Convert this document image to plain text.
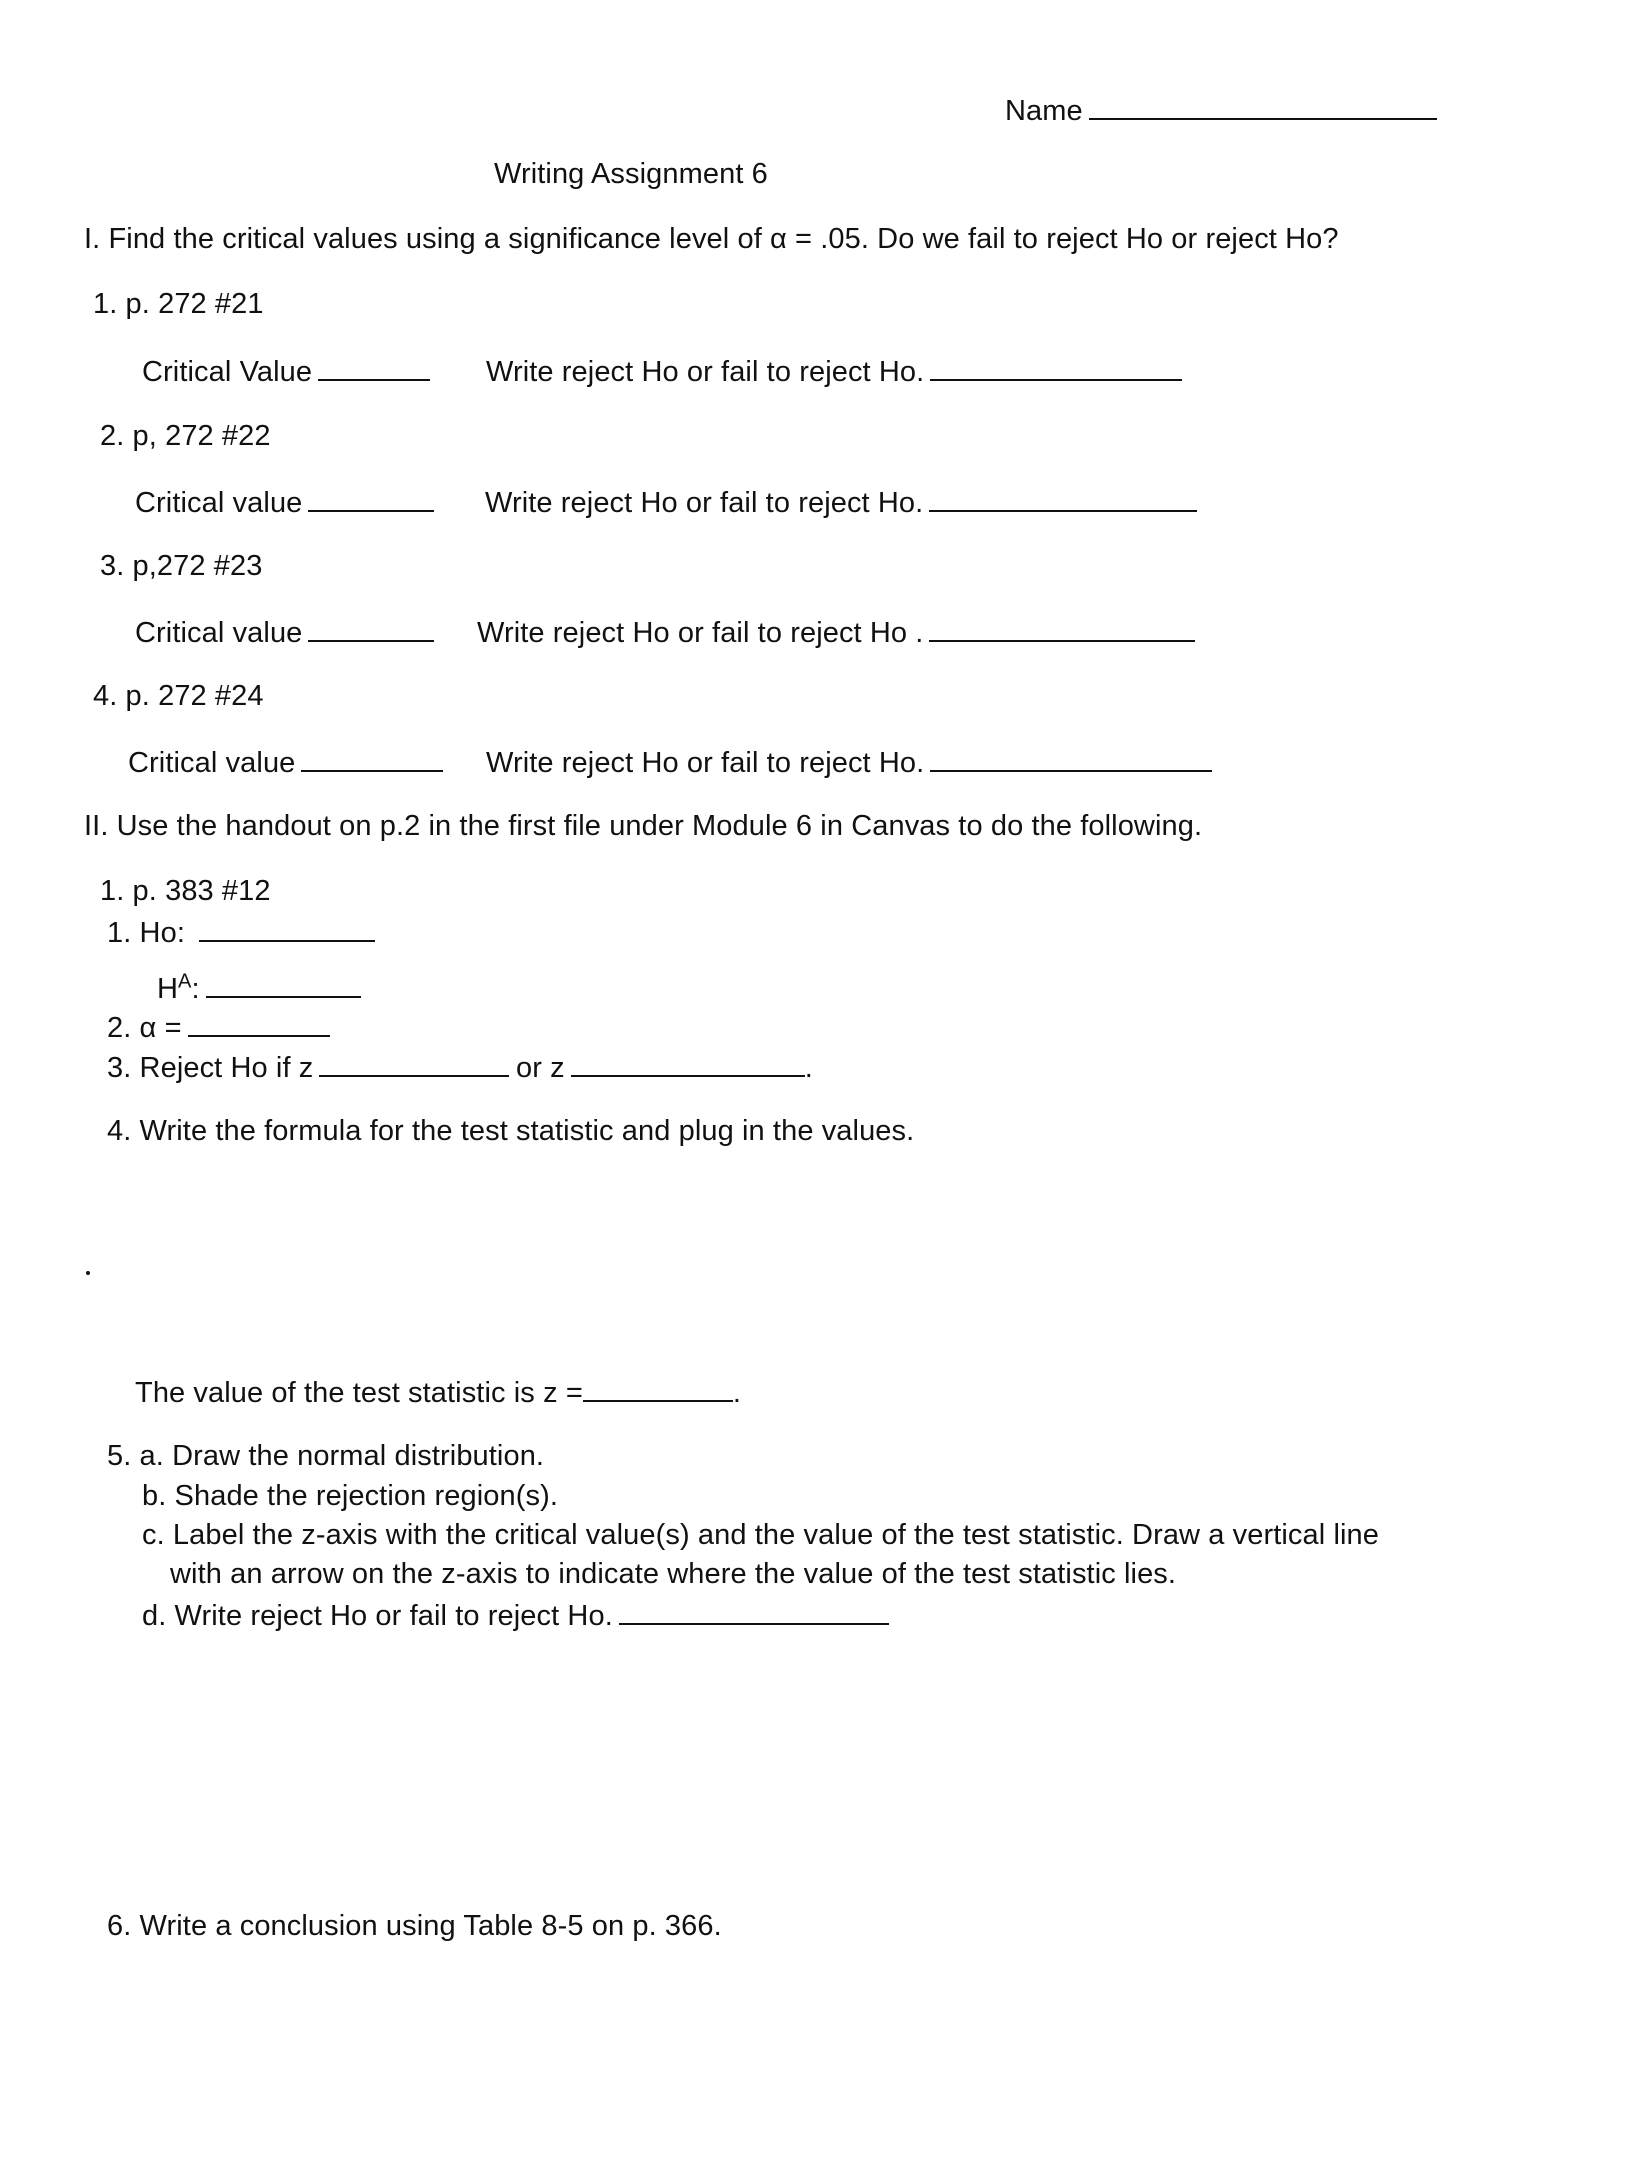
Name
Writing Assignment 6
I. Find the critical values using a significance level of α = .05. Do we fail to reject Ho or reject Ho?
1. p. 272 #21
Critical Value	Write reject Ho or fail to reject Ho.
2. p, 272 #22
Critical value	Write reject Ho or fail to reject Ho.
3. p,272 #23
Critical value	Write reject Ho or fail to reject Ho .
4. p. 272 #24
Critical value	Write reject Ho or fail to reject Ho.
II. Use the handout on p.2 in the first file under Module 6 in Canvas to do the following.
1. p. 383 #12
1. Ho:
$H^A$:
2. α =
3. Reject Ho if z	or z	.
4. Write the formula for the test statistic and plug in the values.
The value of the test statistic is z =	.
5. a. Draw the normal distribution.
b. Shade the rejection region(s).
c. Label the z-axis with the critical value(s) and the value of the test statistic. Draw a vertical line
with an arrow on the z-axis to indicate where the value of the test statistic lies.
d. Write reject Ho or fail to reject Ho.
6. Write a conclusion using Table 8-5 on p. 366.
